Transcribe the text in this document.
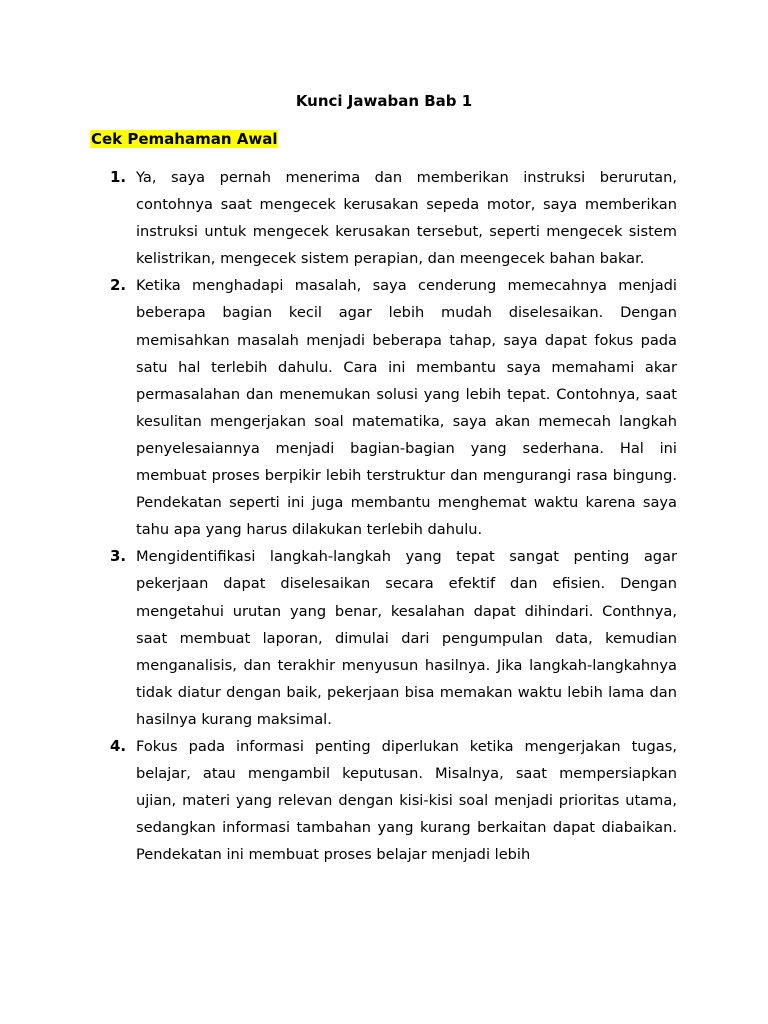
Kunci Jawaban Bab 1
Cek Pemahaman Awal
1. Ya, saya pernah menerima dan memberikan instruksi berurutan, contohnya saat mengecek kerusakan sepeda motor, saya memberikan instruksi untuk mengecek kerusakan tersebut, seperti mengecek sistem kelistrikan, mengecek sistem perapian, dan meengecek bahan bakar.
2. Ketika menghadapi masalah, saya cenderung memecahnya menjadi beberapa bagian kecil agar lebih mudah diselesaikan. Dengan memisahkan masalah menjadi beberapa tahap, saya dapat fokus pada satu hal terlebih dahulu. Cara ini membantu saya memahami akar permasalahan dan menemukan solusi yang lebih tepat. Contohnya, saat kesulitan mengerjakan soal matematika, saya akan memecah langkah penyelesaiannya menjadi bagian-bagian yang sederhana. Hal ini membuat proses berpikir lebih terstruktur dan mengurangi rasa bingung. Pendekatan seperti ini juga membantu menghemat waktu karena saya tahu apa yang harus dilakukan terlebih dahulu.
3. Mengidentifikasi langkah-langkah yang tepat sangat penting agar pekerjaan dapat diselesaikan secara efektif dan efisien. Dengan mengetahui urutan yang benar, kesalahan dapat dihindari. Conthnya, saat membuat laporan, dimulai dari pengumpulan data, kemudian menganalisis, dan terakhir menyusun hasilnya. Jika langkah-langkahnya tidak diatur dengan baik, pekerjaan bisa memakan waktu lebih lama dan hasilnya kurang maksimal.
4. Fokus pada informasi penting diperlukan ketika mengerjakan tugas, belajar, atau mengambil keputusan. Misalnya, saat mempersiapkan ujian, materi yang relevan dengan kisi-kisi soal menjadi prioritas utama, sedangkan informasi tambahan yang kurang berkaitan dapat diabaikan. Pendekatan ini membuat proses belajar menjadi lebih
